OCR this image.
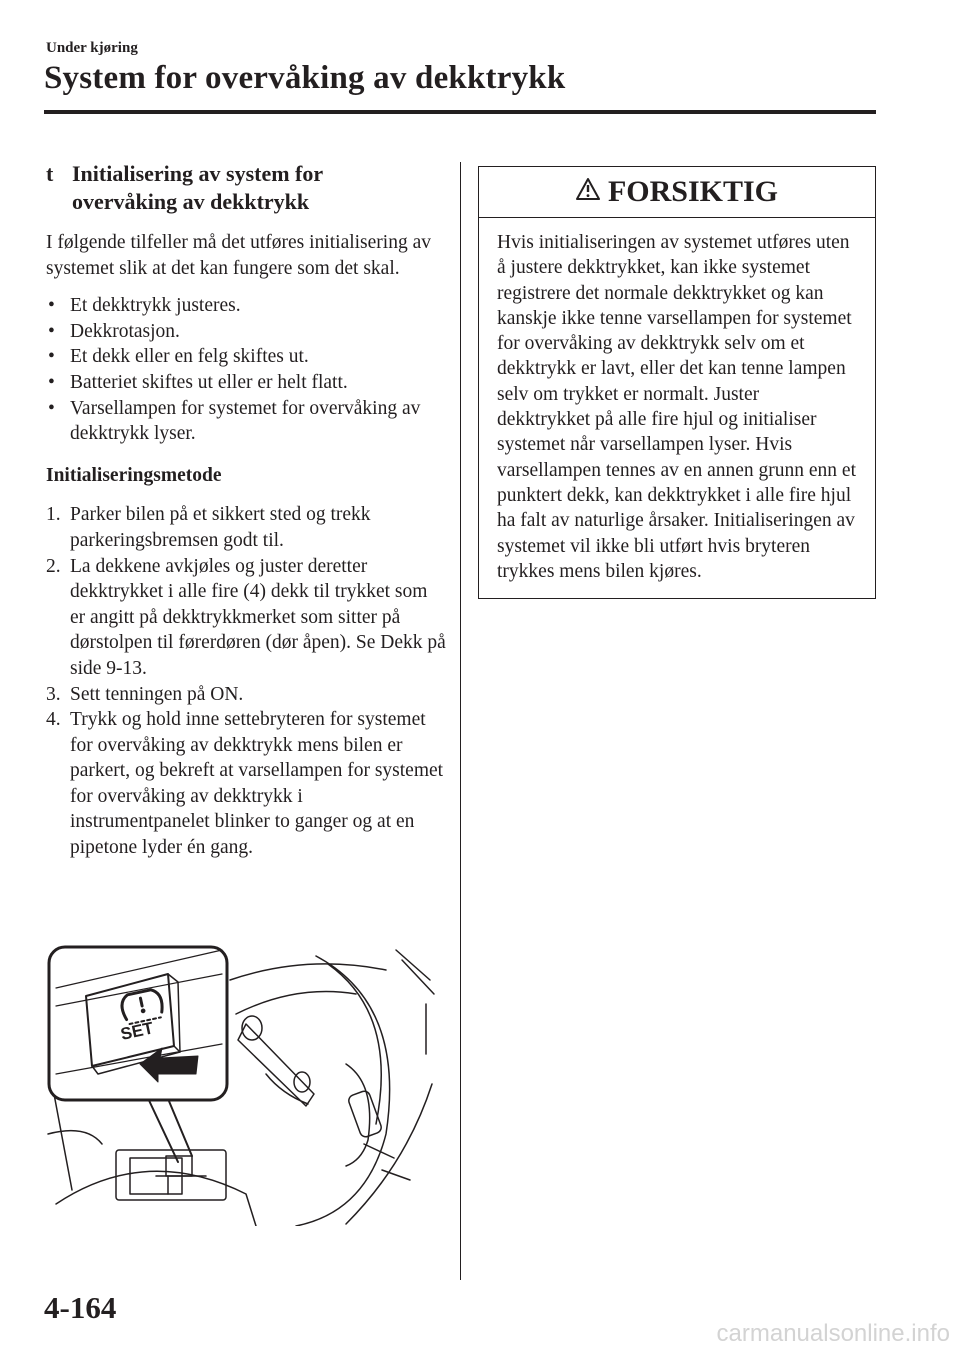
Under kjøring
System for overvåking av dekktrykk
t Initialisering av system for
overvåking av dekktrykk

I følgende tilfeller må det utføres initialisering av systemet slik at det kan fungere som det skal.

• Et dekktrykk justeres.
• Dekkrotasjon.
• Et dekk eller en felg skiftes ut.
• Batteriet skiftes ut eller er helt flatt.
• Varsellampen for systemet for overvåking av dekktrykk lyser.
Initialiseringsmetode
1. Parker bilen på et sikkert sted og trekk parkeringsbremsen godt til.
2. La dekkene avkjøles og juster deretter dekktrykket i alle fire (4) dekk til trykket som er angitt på dekktrykkmerket som sitter på dørstolpen til førerdøren (dør åpen). Se Dekk på side 9-13.
3. Sett tenningen på ON.
4. Trykk og hold inne settebryteren for systemet for overvåking av dekktrykk mens bilen er parkert, og bekreft at varsellampen for systemet for overvåking av dekktrykk i instrumentpanelet blinker to ganger og at en pipetone lyder én gang.
SET
FORSIKTIG
Hvis initialiseringen av systemet utføres uten å justere dekktrykket, kan ikke systemet registrere det normale dekktrykket og kan kanskje ikke tenne varsellampen for systemet for overvåking av dekktrykk selv om et dekktrykk er lavt, eller det kan tenne lampen selv om trykket er normalt. Juster dekktrykket på alle fire hjul og initialiser systemet når varsellampen lyser. Hvis varsellampen tennes av en annen grunn enn et punktert dekk, kan dekktrykket i alle fire hjul ha falt av naturlige årsaker. Initialiseringen av systemet vil ikke bli utført hvis bryteren trykkes mens bilen kjøres.
4-164
carmanualsonline.info
